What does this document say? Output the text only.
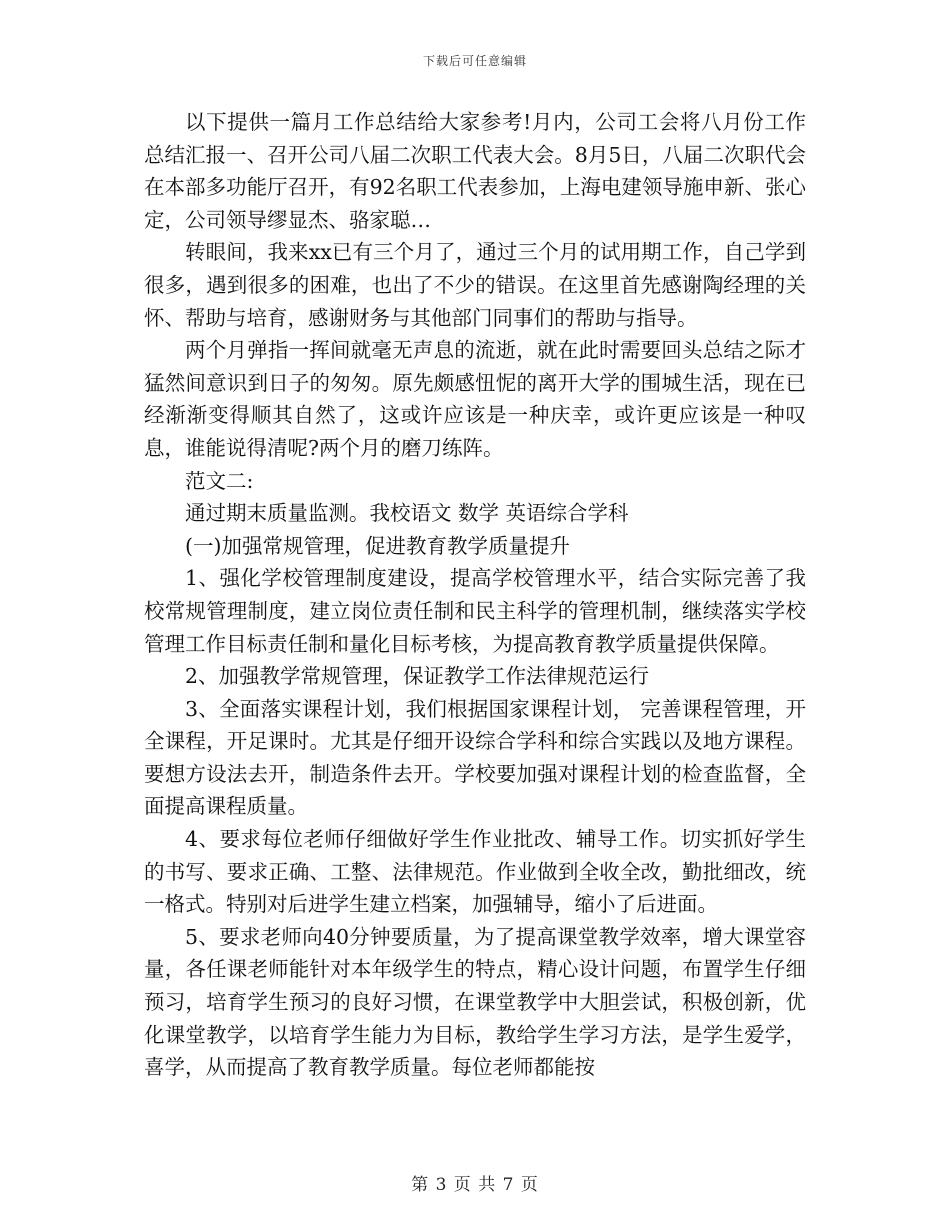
下载后可任意编辑

以下提供一篇月工作总结给大家参考!月内，公司工会将八月份工作总结汇报一、召开公司八届二次职工代表大会。8月5日，八届二次职代会在本部多功能厅召开，有92名职工代表参加，上海电建领导施申新、张心定，公司领导缪显杰、骆家聪…

转眼间，我来xx已有三个月了，通过三个月的试用期工作，自己学到很多，遇到很多的困难，也出了不少的错误。在这里首先感谢陶经理的关怀、帮助与培育，感谢财务与其他部门同事们的帮助与指导。

两个月弹指一挥间就毫无声息的流逝，就在此时需要回头总结之际才猛然间意识到日子的匆匆。原先颇感忸怩的离开大学的围城生活，现在已经渐渐变得顺其自然了，这或许应该是一种庆幸，或许更应该是一种叹息，谁能说得清呢?两个月的磨刀练阵。

范文二:

通过期末质量监测。我校语文 数学 英语综合学科

(一)加强常规管理，促进教育教学质量提升

1、强化学校管理制度建设，提高学校管理水平，结合实际完善了我校常规管理制度，建立岗位责任制和民主科学的管理机制，继续落实学校管理工作目标责任制和量化目标考核，为提高教育教学质量提供保障。

2、加强教学常规管理，保证教学工作法律规范运行

3、全面落实课程计划，我们根据国家课程计划， 完善课程管理，开全课程，开足课时。尤其是仔细开设综合学科和综合实践以及地方课程。要想方设法去开，制造条件去开。学校要加强对课程计划的检查监督，全面提高课程质量。

4、要求每位老师仔细做好学生作业批改、辅导工作。切实抓好学生的书写、要求正确、工整、法律规范。作业做到全收全改，勤批细改，统一格式。特别对后进学生建立档案，加强辅导，缩小了后进面。

5、要求老师向40分钟要质量，为了提高课堂教学效率，增大课堂容量，各任课老师能针对本年级学生的特点，精心设计问题，布置学生仔细预习，培育学生预习的良好习惯，在课堂教学中大胆尝试，积极创新，优化课堂教学，以培育学生能力为目标，教给学生学习方法，是学生爱学，喜学，从而提高了教育教学质量。每位老师都能按

第 3 页 共 7 页
